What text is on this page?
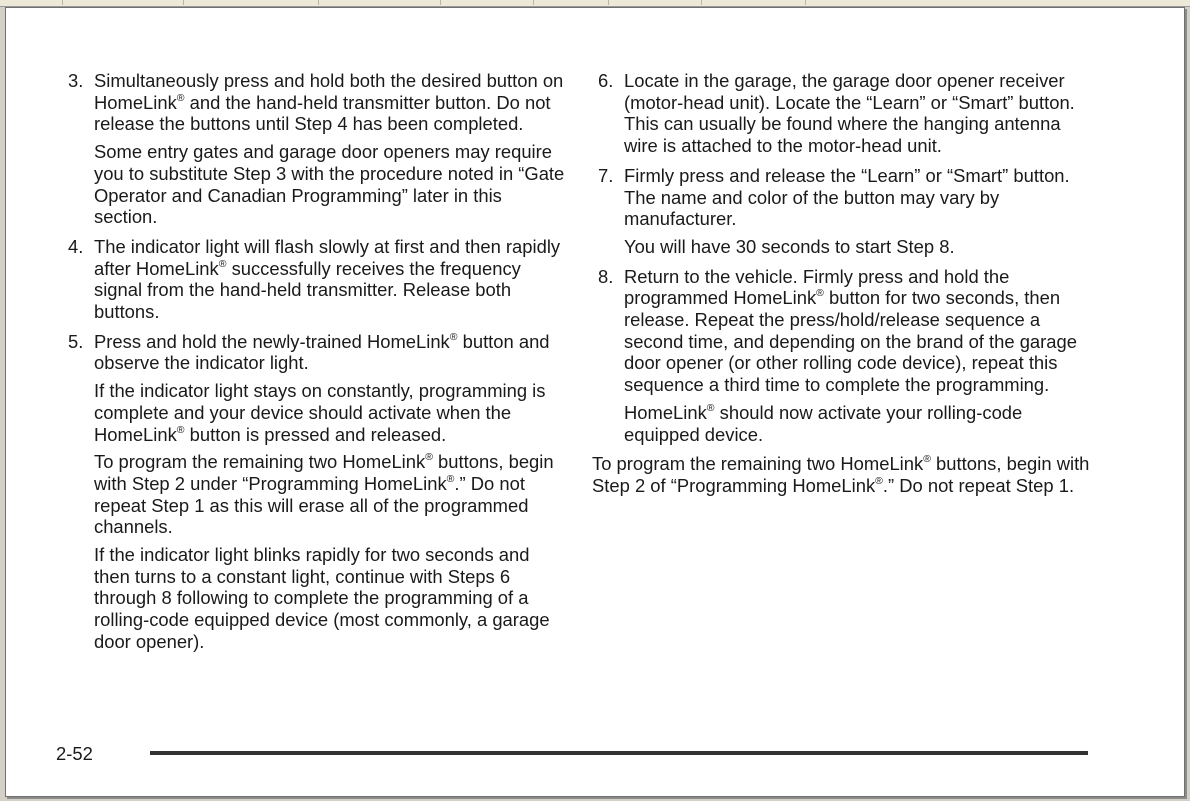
3. Simultaneously press and hold both the desired button on HomeLink® and the hand-held transmitter button. Do not release the buttons until Step 4 has been completed.

Some entry gates and garage door openers may require you to substitute Step 3 with the procedure noted in “Gate Operator and Canadian Programming” later in this section.

4. The indicator light will flash slowly at first and then rapidly after HomeLink® successfully receives the frequency signal from the hand-held transmitter. Release both buttons.

5. Press and hold the newly-trained HomeLink® button and observe the indicator light.

If the indicator light stays on constantly, programming is complete and your device should activate when the HomeLink® button is pressed and released.

To program the remaining two HomeLink® buttons, begin with Step 2 under “Programming HomeLink®.” Do not repeat Step 1 as this will erase all of the programmed channels.

If the indicator light blinks rapidly for two seconds and then turns to a constant light, continue with Steps 6 through 8 following to complete the programming of a rolling-code equipped device (most commonly, a garage door opener).

6. Locate in the garage, the garage door opener receiver (motor-head unit). Locate the “Learn” or “Smart” button. This can usually be found where the hanging antenna wire is attached to the motor-head unit.

7. Firmly press and release the “Learn” or “Smart” button. The name and color of the button may vary by manufacturer.

You will have 30 seconds to start Step 8.

8. Return to the vehicle. Firmly press and hold the programmed HomeLink® button for two seconds, then release. Repeat the press/hold/release sequence a second time, and depending on the brand of the garage door opener (or other rolling code device), repeat this sequence a third time to complete the programming.

HomeLink® should now activate your rolling-code equipped device.

To program the remaining two HomeLink® buttons, begin with Step 2 of “Programming HomeLink®.” Do not repeat Step 1.

2-52
